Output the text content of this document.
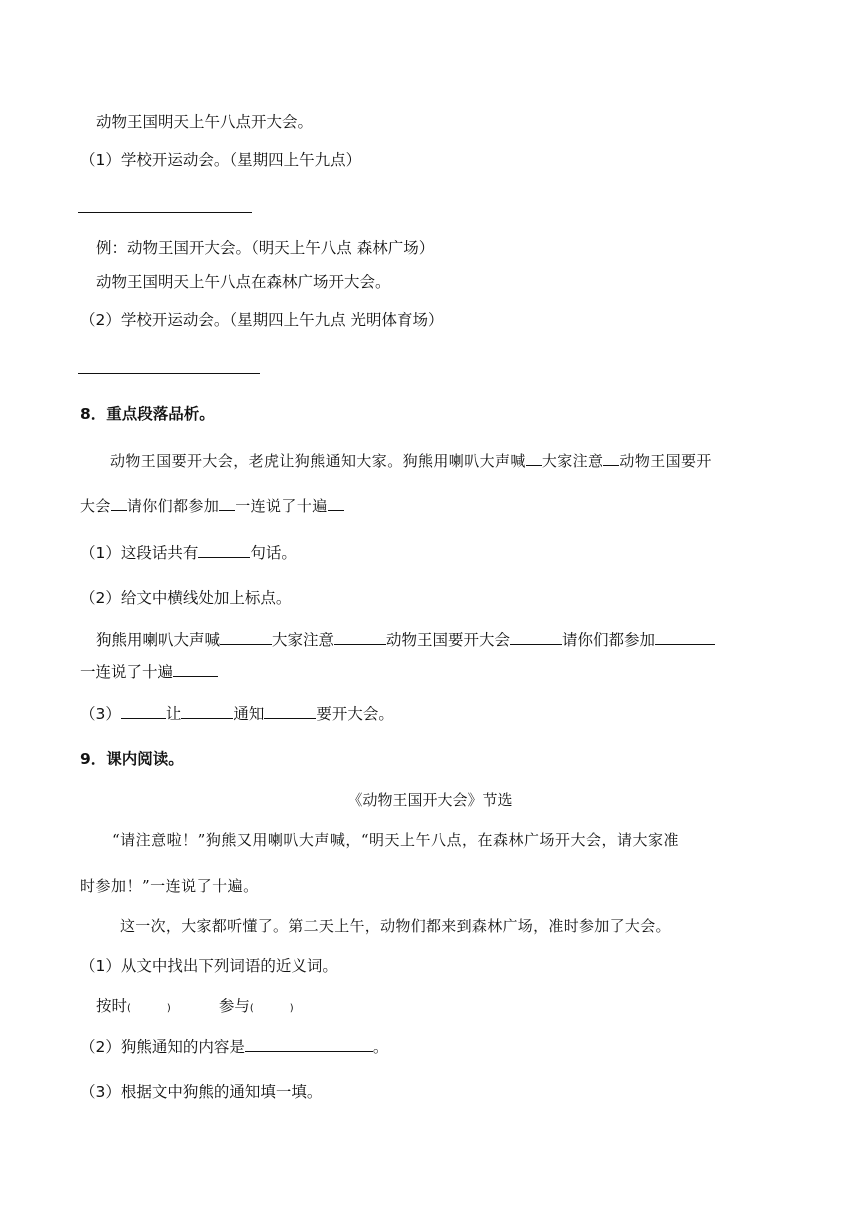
动物王国明天上午八点开大会。
（1）学校开运动会。（星期四上午九点）
例：动物王国开大会。（明天上午八点 森林广场）
动物王国明天上午八点在森林广场开大会。
（2）学校开运动会。（星期四上午九点 光明体育场）
8．重点段落品析。
动物王国要开大会，老虎让狗熊通知大家。狗熊用喇叭大声喊 大家注意 动物王国要开
大会 请你们都参加 一连说了十遍
（1）这段话共有	句话。
（2）给文中横线处加上标点。
狗熊用喇叭大声喊	大家注意	动物王国要开大会	请你们都参加
一连说了十遍
（3）	让	通知	要开大会。
9．课内阅读。
《动物王国开大会》节选
“请注意啦！”狗熊又用喇叭大声喊，“明天上午八点，在森林广场开大会，请大家准
时参加！”一连说了十遍。
这一次，大家都听懂了。第二天上午，动物们都来到森林广场，准时参加了大会。
（1）从文中找出下列词语的近义词。
按时(	)	参与(	)
（2）狗熊通知的内容是	。
（3）根据文中狗熊的通知填一填。
